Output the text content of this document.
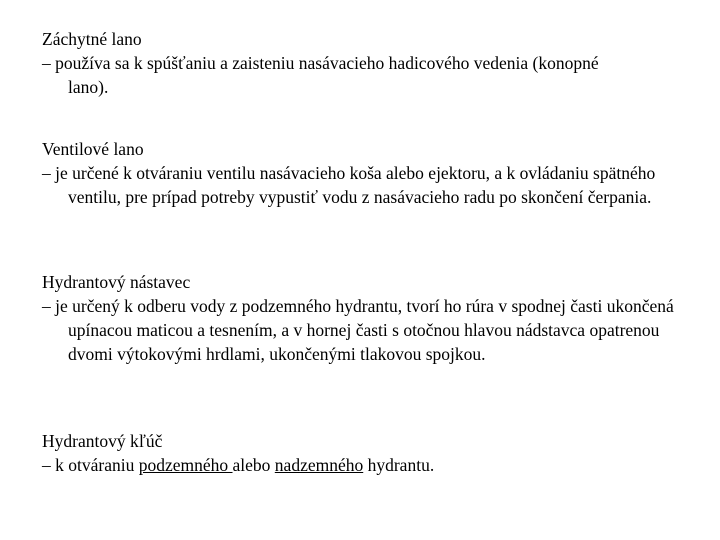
Záchytné lano
– používa sa k spúšťaniu a zaisteniu nasávacieho hadicového vedenia (konopné lano).
Ventilové lano
– je určené k otváraniu ventilu nasávacieho koša alebo ejektoru, a k ovládaniu spätného ventilu, pre prípad potreby vypustiť vodu z nasávacieho radu po skončení čerpania.
Hydrantový nástavec
– je určený k odberu vody z podzemného hydrantu, tvorí ho rúra v spodnej časti ukončená upínacou maticou a tesnením, a v hornej časti s otočnou hlavou nádstavca opatrenou dvomi výtokovými hrdlami, ukončenými tlakovou spojkou.
Hydrantový kľúč
– k otváraniu podzemného alebo nadzemného hydrantu.
